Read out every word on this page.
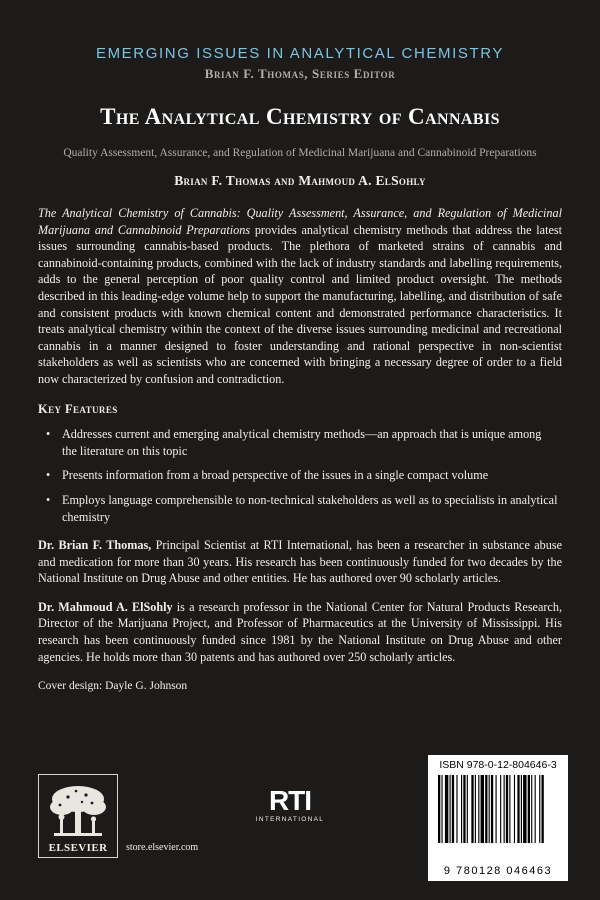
EMERGING ISSUES IN ANALYTICAL CHEMISTRY
Brian F. Thomas, Series Editor
The Analytical Chemistry of Cannabis
Quality Assessment, Assurance, and Regulation of Medicinal Marijuana and Cannabinoid Preparations
Brian F. Thomas and Mahmoud A. ElSohly

The Analytical Chemistry of Cannabis: Quality Assessment, Assurance, and Regulation of Medicinal Marijuana and Cannabinoid Preparations provides analytical chemistry methods that address the latest issues surrounding cannabis-based products. The plethora of marketed strains of cannabis and cannabinoid-containing products, combined with the lack of industry standards and labelling requirements, adds to the general perception of poor quality control and limited product oversight. The methods described in this leading-edge volume help to support the manufacturing, labelling, and distribution of safe and consistent products with known chemical content and demonstrated performance characteristics. It treats analytical chemistry within the context of the diverse issues surrounding medicinal and recreational cannabis in a manner designed to foster understanding and rational perspective in non-scientist stakeholders as well as scientists who are concerned with bringing a necessary degree of order to a field now characterized by confusion and contradiction.

Key Features
• Addresses current and emerging analytical chemistry methods—an approach that is unique among the literature on this topic
• Presents information from a broad perspective of the issues in a single compact volume
• Employs language comprehensible to non-technical stakeholders as well as to specialists in analytical chemistry

Dr. Brian F. Thomas, Principal Scientist at RTI International, has been a researcher in substance abuse and medication for more than 30 years. His research has been continuously funded for two decades by the National Institute on Drug Abuse and other entities. He has authored over 90 scholarly articles.

Dr. Mahmoud A. ElSohly is a research professor in the National Center for Natural Products Research, Director of the Marijuana Project, and Professor of Pharmaceutics at the University of Mississippi. His research has been continuously funded since 1981 by the National Institute on Drug Abuse and other agencies. He holds more than 30 patents and has authored over 250 scholarly articles.

Cover design: Dayle G. Johnson

ELSEVIER store.elsevier.com
RTI
INTERNATIONAL
ISBN 978-0-12-804646-3
9 780128 046463
